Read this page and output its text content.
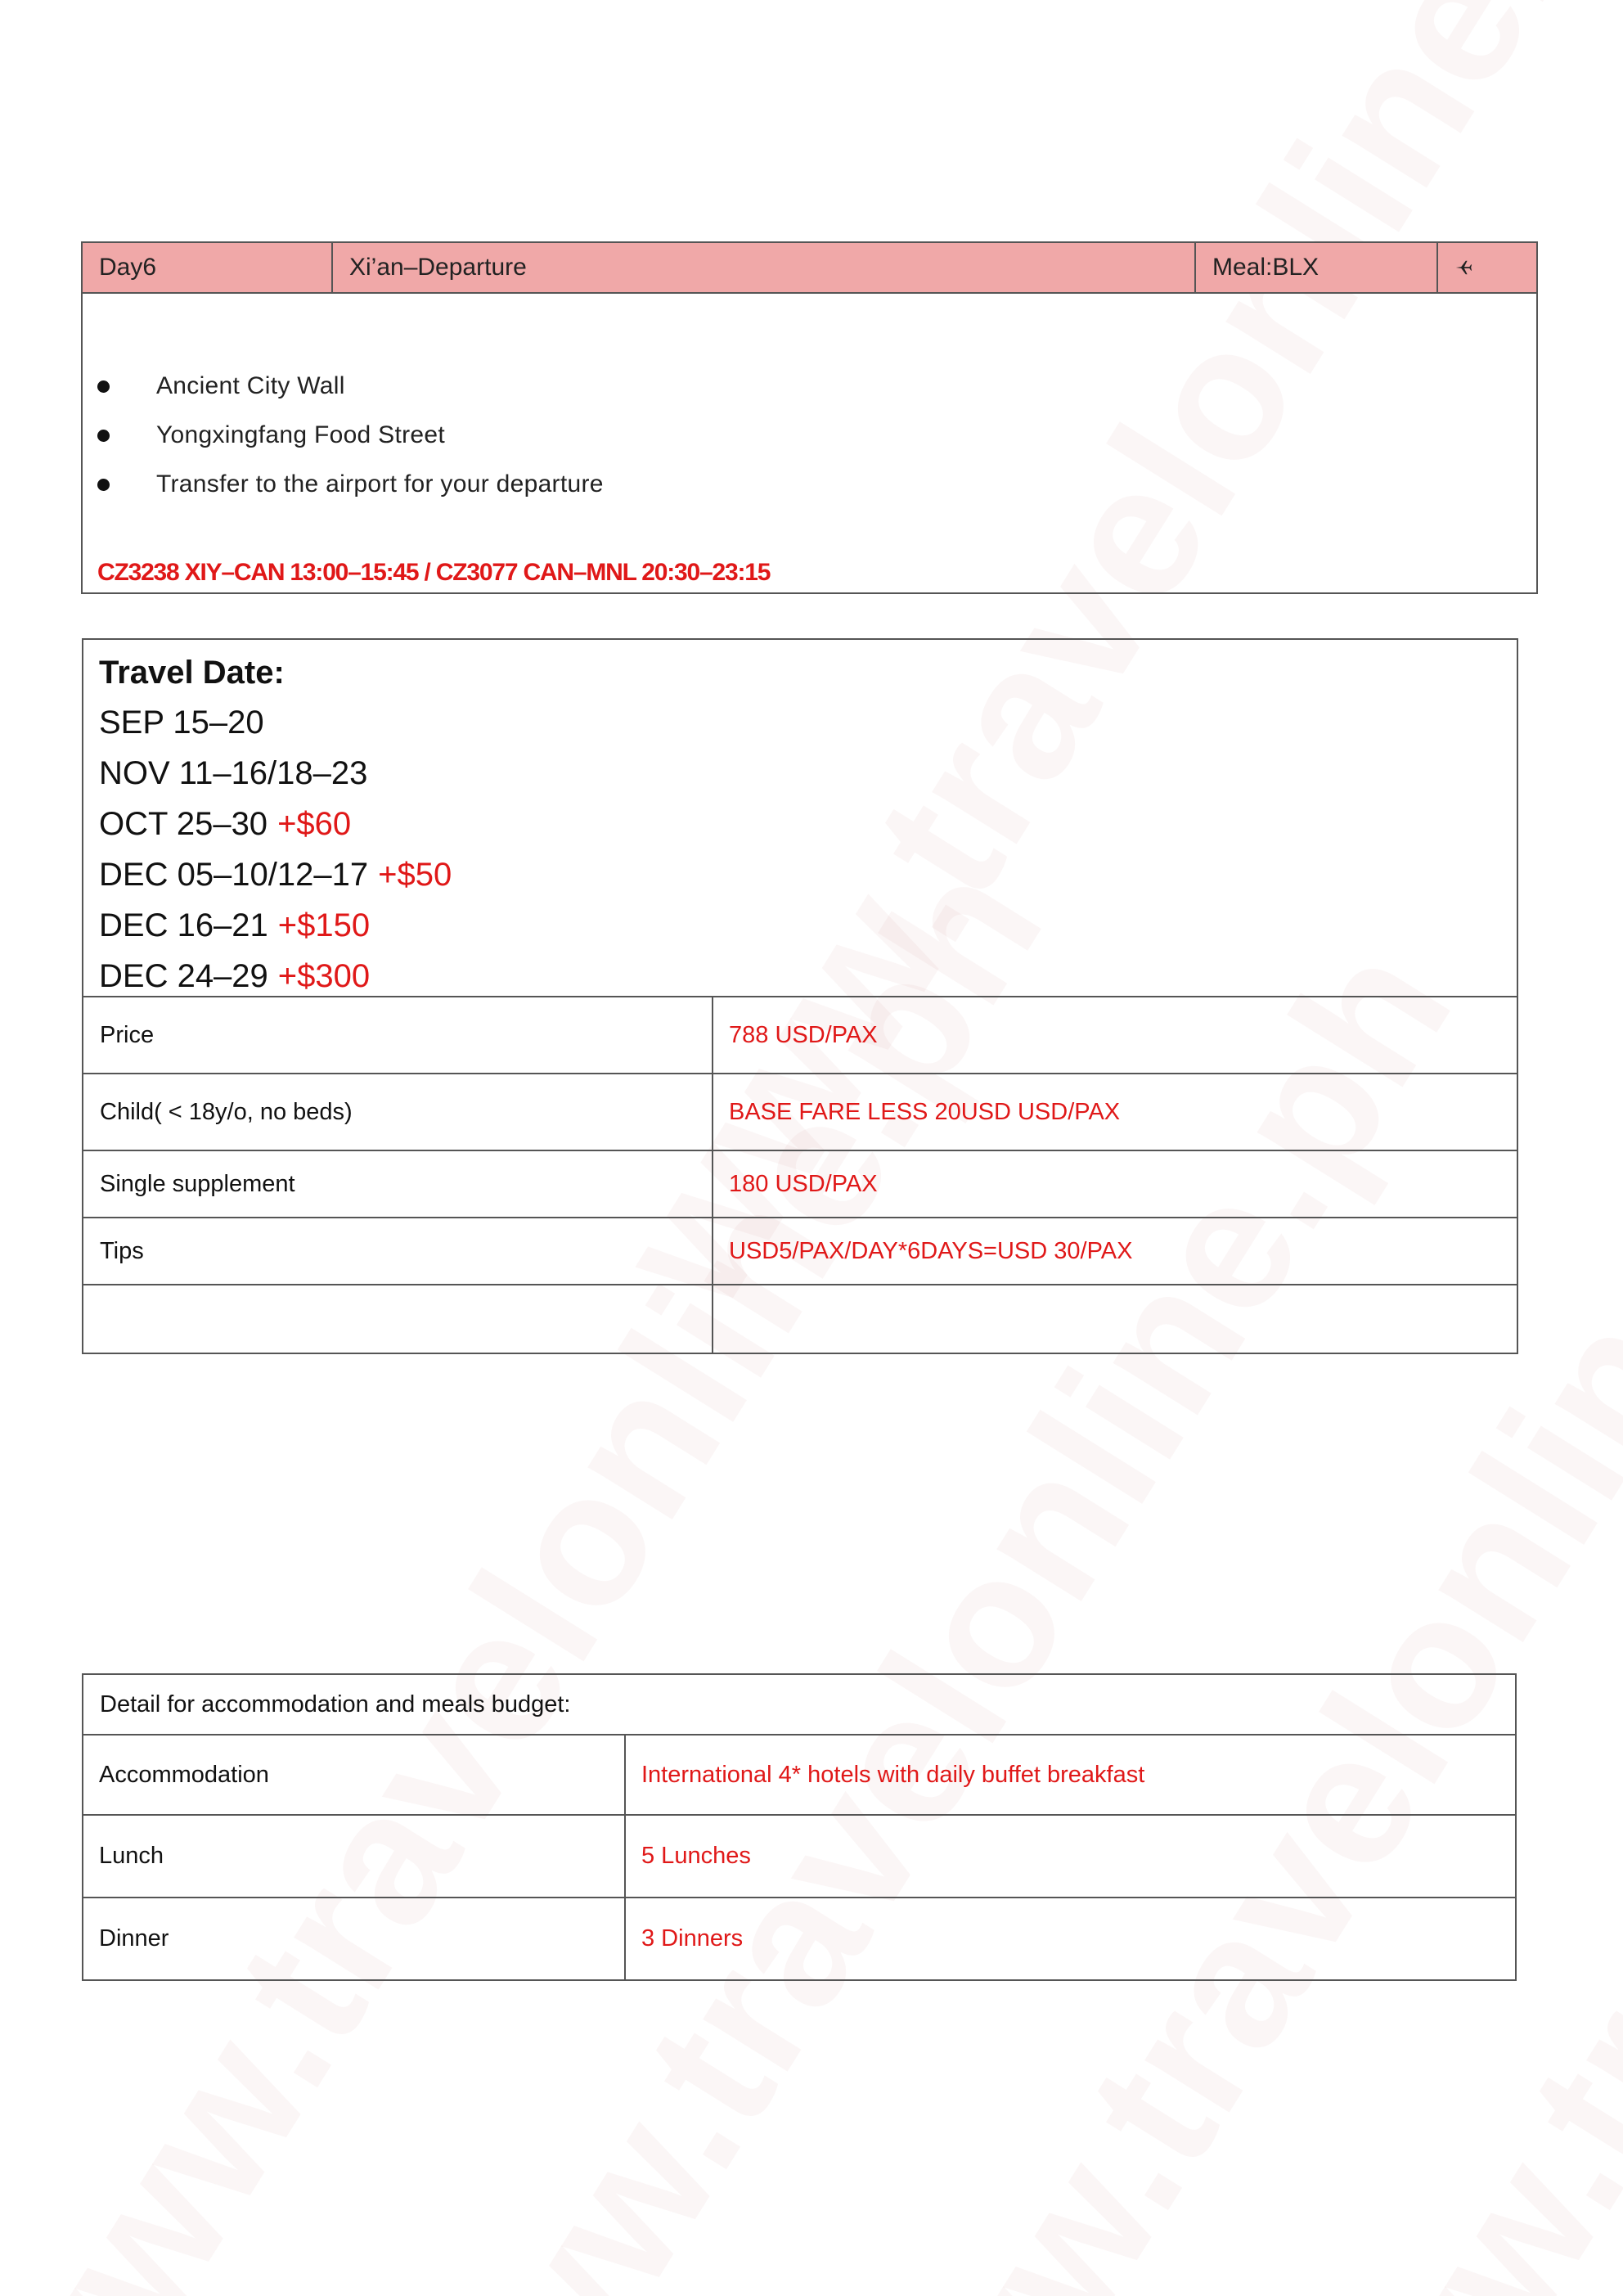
Day6	Xi’an–Departure	Meal:BLX
Ancient City Wall
Yongxingfang Food Street
Transfer to the airport for your departure
CZ3238 XIY–CAN 13:00–15:45 / CZ3077 CAN–MNL 20:30–23:15
Travel Date:
SEP 15–20
NOV 11–16/18–23
OCT 25–30 +$60
DEC 05–10/12–17 +$50
DEC 16–21 +$150
DEC 24–29 +$300
Price	788 USD/PAX
Child( < 18y/o, no beds)	BASE FARE LESS 20USD USD/PAX
Single supplement	180 USD/PAX
Tips	USD5/PAX/DAY*6DAYS=USD 30/PAX
Detail for accommodation and meals budget:
Accommodation	International 4* hotels with daily buffet breakfast
Lunch	5 Lunches
Dinner	3 Dinners
